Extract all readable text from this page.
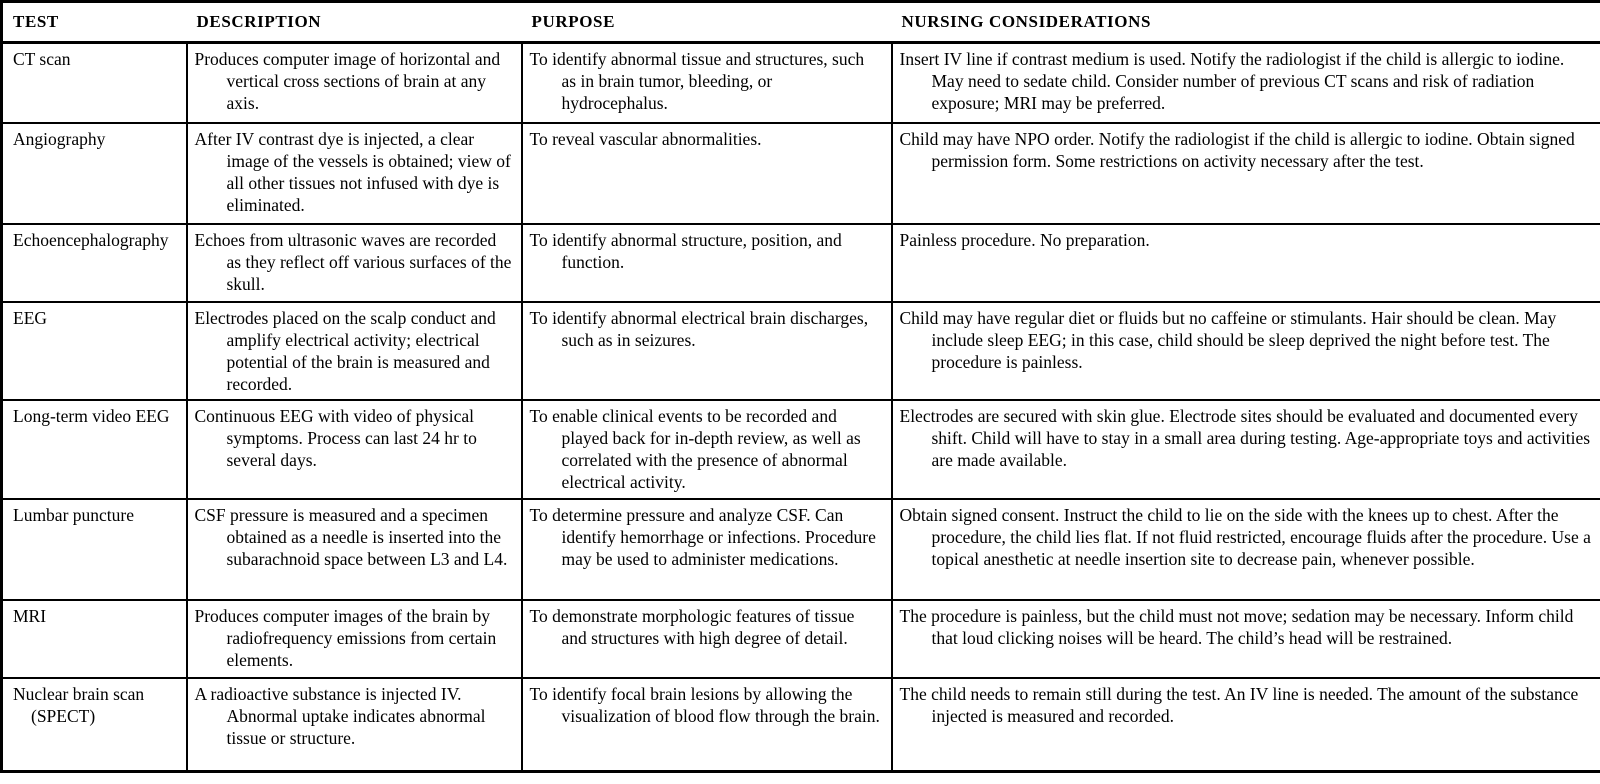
TEST	DESCRIPTION	PURPOSE	NURSING CONSIDERATIONS

CT scan	Produces computer image of horizontal and vertical cross sections of brain at any axis.	To identify abnormal tissue and structures, such as in brain tumor, bleeding, or hydrocephalus.	Insert IV line if contrast medium is used. Notify the radiologist if the child is allergic to iodine. May need to sedate child. Consider number of previous CT scans and risk of radiation exposure; MRI may be preferred.

Angiography	After IV contrast dye is injected, a clear image of the vessels is obtained; view of all other tissues not infused with dye is eliminated.	To reveal vascular abnormalities.	Child may have NPO order. Notify the radiologist if the child is allergic to iodine. Obtain signed permission form. Some restrictions on activity necessary after the test.

Echoencephalography	Echoes from ultrasonic waves are recorded as they reflect off various surfaces of the skull.	To identify abnormal structure, position, and function.	Painless procedure. No preparation.

EEG	Electrodes placed on the scalp conduct and amplify electrical activity; electrical potential of the brain is measured and recorded.	To identify abnormal electrical brain discharges, such as in seizures.	Child may have regular diet or fluids but no caffeine or stimulants. Hair should be clean. May include sleep EEG; in this case, child should be sleep deprived the night before test. The procedure is painless.

Long-term video EEG	Continuous EEG with video of physical symptoms. Process can last 24 hr to several days.	To enable clinical events to be recorded and played back for in-depth review, as well as correlated with the presence of abnormal electrical activity.	Electrodes are secured with skin glue. Electrode sites should be evaluated and documented every shift. Child will have to stay in a small area during testing. Age-appropriate toys and activities are made available.

Lumbar puncture	CSF pressure is measured and a specimen obtained as a needle is inserted into the subarachnoid space between L3 and L4.	To determine pressure and analyze CSF. Can identify hemorrhage or infections. Procedure may be used to administer medications.	Obtain signed consent. Instruct the child to lie on the side with the knees up to chest. After the procedure, the child lies flat. If not fluid restricted, encourage fluids after the procedure. Use a topical anesthetic at needle insertion site to decrease pain, whenever possible.

MRI	Produces computer images of the brain by radiofrequency emissions from certain elements.	To demonstrate morphologic features of tissue and structures with high degree of detail.	The procedure is painless, but the child must not move; sedation may be necessary. Inform child that loud clicking noises will be heard. The child’s head will be restrained.

Nuclear brain scan (SPECT)	A radioactive substance is injected IV. Abnormal uptake indicates abnormal tissue or structure.	To identify focal brain lesions by allowing the visualization of blood flow through the brain.	The child needs to remain still during the test. An IV line is needed. The amount of the substance injected is measured and recorded.
